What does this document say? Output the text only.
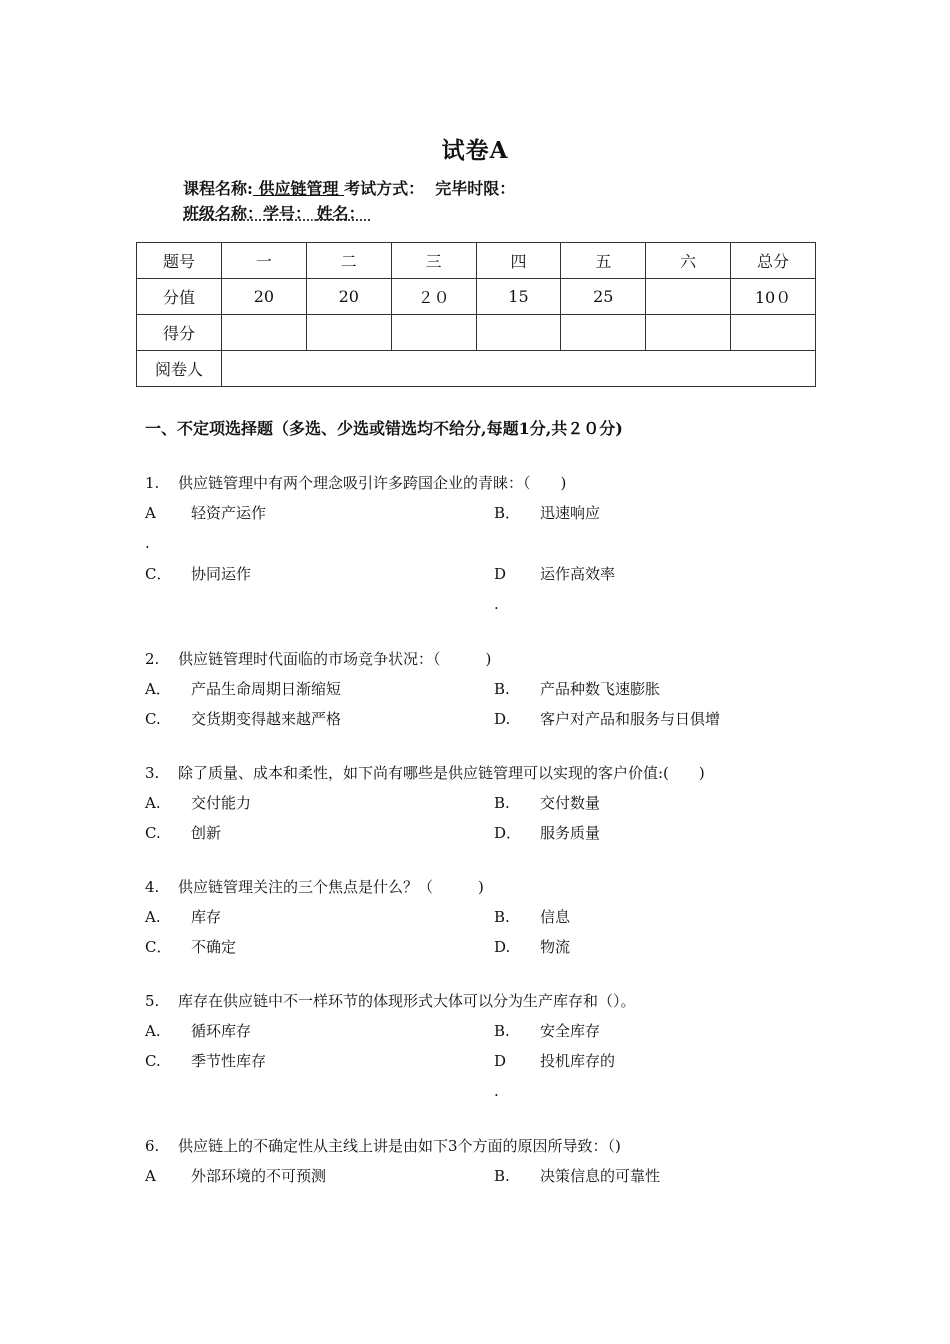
试卷A
课程名称: 供应链管理 考试方式： 完毕时限：
班级名称：学号： 姓名：
题号	一	二	三	四	五	六	总分
分值	20	20	２０	15	25		10０
得分							
阅卷人							
一、不定项选择题（多选、少选或错选均不给分,每题1分,共２０分)
1. 供应链管理中有两个理念吸引许多跨国企业的青睐：（　　)
A 轻资产运作	B． 迅速响应
.
C． 协同运作	D 运作高效率
.
2. 供应链管理时代面临的市场竞争状况：（　　　)
A． 产品生命周期日渐缩短	B. 产品种数飞速膨胀
C. 交货期变得越来越严格	D. 客户对产品和服务与日俱增
3. 除了质量、成本和柔性，如下尚有哪些是供应链管理可以实现的客户价值:(　　)
A. 交付能力	B. 交付数量
C. 创新	D． 服务质量
4. 供应链管理关注的三个焦点是什么？（　　　)
A. 库存	B. 信息
C． 不确定	D. 物流
5. 库存在供应链中不一样环节的体现形式大体可以分为生产库存和（）。
A. 循环库存	B. 安全库存
C. 季节性库存	D 投机库存的
.
6. 供应链上的不确定性从主线上讲是由如下3个方面的原因所导致：（)
A 外部环境的不可预测	B. 决策信息的可靠性
